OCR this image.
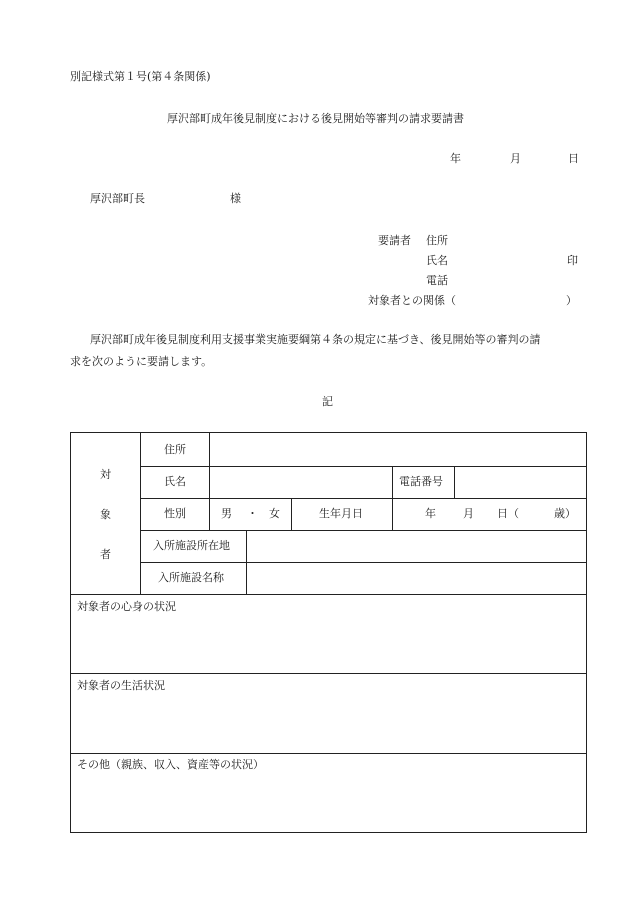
別記様式第１号(第４条関係)
厚沢部町成年後見制度における後見開始等審判の請求要請書
年	月	日
厚沢部町長	様
要請者 住所
氏名	印
電話
対象者との関係（	）
厚沢部町成年後見制度利用支援事業実施要綱第４条の規定に基づき、後見開始等の審判の請
求を次のように要請します。
記
対
象
者
住所
氏名	電話番号
性別	男 ・ 女	生年月日	年 月 日（	歳）
入所施設所在地
入所施設名称
対象者の心身の状況
対象者の生活状況
その他（親族、収入、資産等の状況）
